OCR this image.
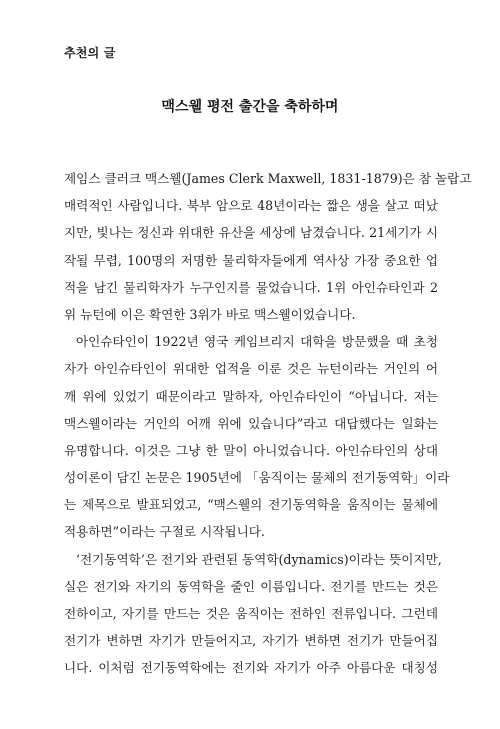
추천의 글
맥스웰 평전 출간을 축하하며
제임스 클러크 맥스웰(James Clerk Maxwell, 1831-1879)은 참 놀랍고
매력적인 사람입니다. 북부 암으로 48년이라는 짧은 생을 살고 떠났
지만, 빛나는 정신과 위대한 유산을 세상에 남겼습니다. 21세기가 시
작될 무렵, 100명의 저명한 물리학자들에게 역사상 가장 중요한 업
적을 남긴 물리학자가 누구인지를 물었습니다. 1위 아인슈타인과 2
위 뉴턴에 이은 확연한 3위가 바로 맥스웰이었습니다.
아인슈타인이 1922년 영국 케임브리지 대학을 방문했을 때 초청
자가 아인슈타인이 위대한 업적을 이룬 것은 뉴턴이라는 거인의 어
깨 위에 있었기 때문이라고 말하자, 아인슈타인이 “아닙니다. 저는
맥스웰이라는 거인의 어깨 위에 있습니다”라고 대답했다는 일화는
유명합니다. 이것은 그냥 한 말이 아니었습니다. 아인슈타인의 상대
성이론이 담긴 논문은 1905년에 「움직이는 물체의 전기동역학」이라
는 제목으로 발표되었고, “맥스웰의 전기동역학을 움직이는 물체에
적용하면”이라는 구절로 시작됩니다.
‘전기동역학’은 전기와 관련된 동역학(dynamics)이라는 뜻이지만,
실은 전기와 자기의 동역학을 줄인 이름입니다. 전기를 만드는 것은
전하이고, 자기를 만드는 것은 움직이는 전하인 전류입니다. 그런데
전기가 변하면 자기가 만들어지고, 자기가 변하면 전기가 만들어집
니다. 이처럼 전기동역학에는 전기와 자기가 아주 아름다운 대칭성
